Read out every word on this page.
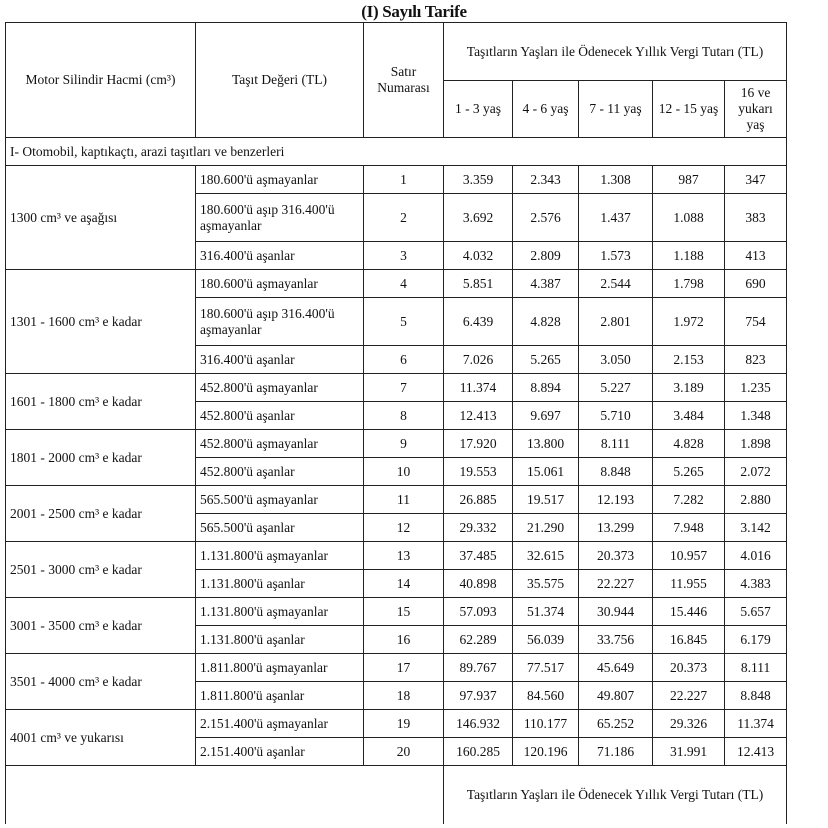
(I) Sayılı Tarife
Motor Silindir Hacmi (cm³)	Taşıt Değeri (TL)	Satır Numarası	Taşıtların Yaşları ile Ödenecek Yıllık Vergi Tutarı (TL)				
			1 - 3 yaş	4 - 6 yaş	7 - 11 yaş	12 - 15 yaş	16 ve yukarı yaş
I- Otomobil, kaptıkaçtı, arazi taşıtları ve benzerleri							
1300 cm³ ve aşağısı	180.600'ü aşmayanlar	1	3.359	2.343	1.308	987	347
	180.600'ü aşıp 316.400'ü aşmayanlar	2	3.692	2.576	1.437	1.088	383
	316.400'ü aşanlar	3	4.032	2.809	1.573	1.188	413
1301 - 1600 cm³ e kadar	180.600'ü aşmayanlar	4	5.851	4.387	2.544	1.798	690
	180.600'ü aşıp 316.400'ü aşmayanlar	5	6.439	4.828	2.801	1.972	754
	316.400'ü aşanlar	6	7.026	5.265	3.050	2.153	823
1601 - 1800 cm³ e kadar	452.800'ü aşmayanlar	7	11.374	8.894	5.227	3.189	1.235
	452.800'ü aşanlar	8	12.413	9.697	5.710	3.484	1.348
1801 - 2000 cm³ e kadar	452.800'ü aşmayanlar	9	17.920	13.800	8.111	4.828	1.898
	452.800'ü aşanlar	10	19.553	15.061	8.848	5.265	2.072
2001 - 2500 cm³ e kadar	565.500'ü aşmayanlar	11	26.885	19.517	12.193	7.282	2.880
	565.500'ü aşanlar	12	29.332	21.290	13.299	7.948	3.142
2501 - 3000 cm³ e kadar	1.131.800'ü aşmayanlar	13	37.485	32.615	20.373	10.957	4.016
	1.131.800'ü aşanlar	14	40.898	35.575	22.227	11.955	4.383
3001 - 3500 cm³ e kadar	1.131.800'ü aşmayanlar	15	57.093	51.374	30.944	15.446	5.657
	1.131.800'ü aşanlar	16	62.289	56.039	33.756	16.845	6.179
3501 - 4000 cm³ e kadar	1.811.800'ü aşmayanlar	17	89.767	77.517	45.649	20.373	8.111
	1.811.800'ü aşanlar	18	97.937	84.560	49.807	22.227	8.848
4001 cm³ ve yukarısı	2.151.400'ü aşmayanlar	19	146.932	110.177	65.252	29.326	11.374
	2.151.400'ü aşanlar	20	160.285	120.196	71.186	31.991	12.413
			Taşıtların Yaşları ile Ödenecek Yıllık Vergi Tutarı (TL)				
